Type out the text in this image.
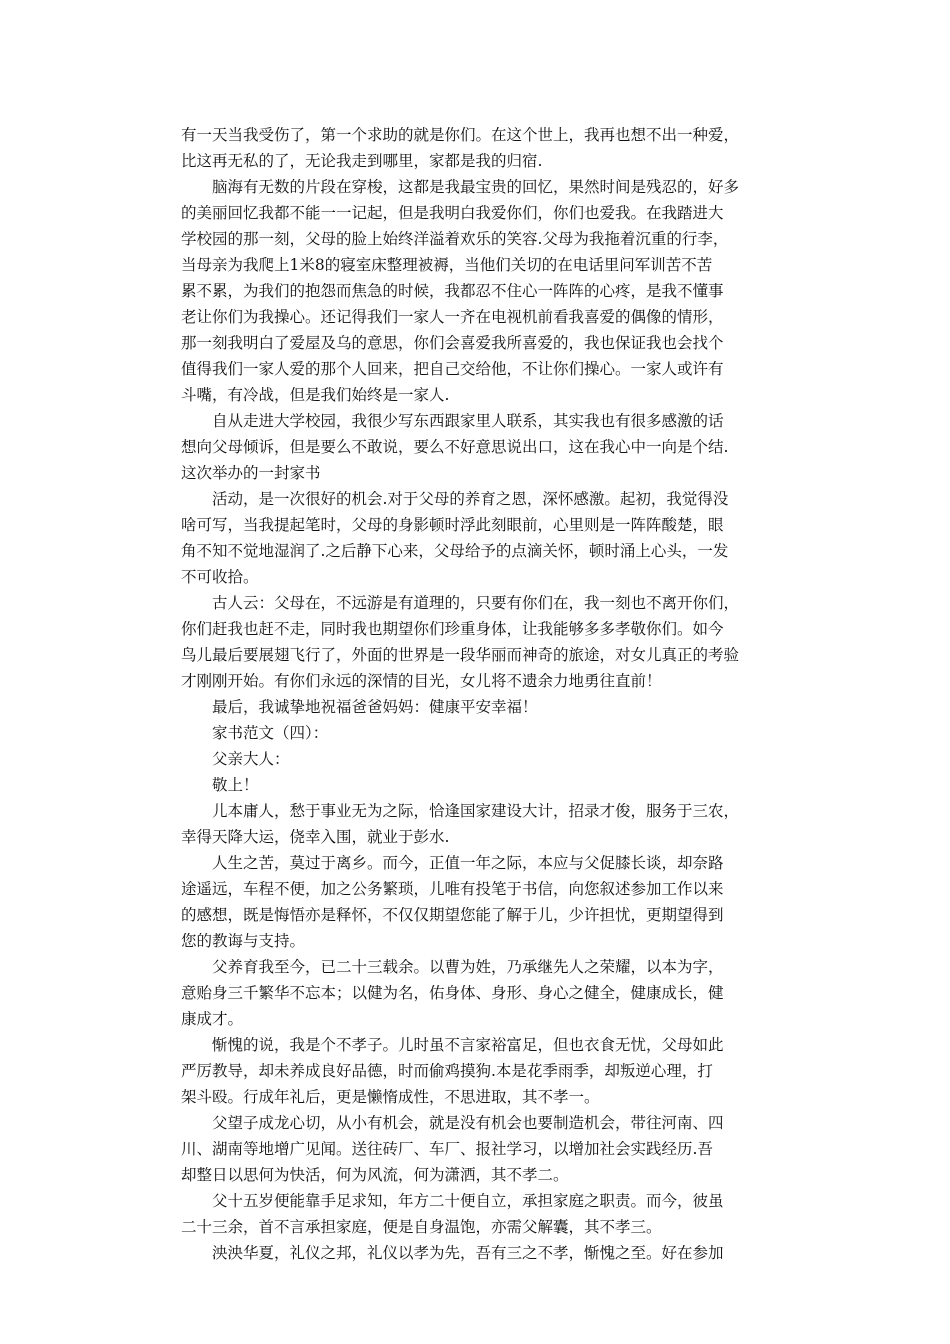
有一天当我受伤了，第一个求助的就是你们。在这个世上，我再也想不出一种爱，
比这再无私的了，无论我走到哪里，家都是我的归宿.

脑海有无数的片段在穿梭，这都是我最宝贵的回忆，果然时间是残忍的，好多
的美丽回忆我都不能一一记起，但是我明白我爱你们，你们也爱我。在我踏进大
学校园的那一刻，父母的脸上始终洋溢着欢乐的笑容.父母为我拖着沉重的行李，
当母亲为我爬上1米8的寝室床整理被褥，当他们关切的在电话里问军训苦不苦
累不累，为我们的抱怨而焦急的时候，我都忍不住心一阵阵的心疼，是我不懂事
老让你们为我操心。还记得我们一家人一齐在电视机前看我喜爱的偶像的情形，
那一刻我明白了爱屋及乌的意思，你们会喜爱我所喜爱的，我也保证我也会找个
值得我们一家人爱的那个人回来，把自己交给他，不让你们操心。一家人或许有
斗嘴，有冷战，但是我们始终是一家人.

自从走进大学校园，我很少写东西跟家里人联系，其实我也有很多感激的话
想向父母倾诉，但是要么不敢说，要么不好意思说出口，这在我心中一向是个结.
这次举办的一封家书

活动，是一次很好的机会.对于父母的养育之恩，深怀感激。起初，我觉得没
啥可写，当我提起笔时，父母的身影顿时浮此刻眼前，心里则是一阵阵酸楚，眼
角不知不觉地湿润了.之后静下心来，父母给予的点滴关怀，顿时涌上心头，一发
不可收拾。

古人云：父母在，不远游是有道理的，只要有你们在，我一刻也不离开你们，
你们赶我也赶不走，同时我也期望你们珍重身体，让我能够多多孝敬你们。如今
鸟儿最后要展翅飞行了，外面的世界是一段华丽而神奇的旅途，对女儿真正的考验
才刚刚开始。有你们永远的深情的目光，女儿将不遗余力地勇往直前！

最后，我诚挚地祝福爸爸妈妈：健康平安幸福！

家书范文（四）：

父亲大人：

敬上！

儿本庸人，愁于事业无为之际，恰逢国家建设大计，招录才俊，服务于三农，
幸得天降大运，侥幸入围，就业于彭水.

人生之苦，莫过于离乡。而今，正值一年之际，本应与父促膝长谈，却奈路
途遥远，车程不便，加之公务繁琐，儿唯有投笔于书信，向您叙述参加工作以来
的感想，既是悔悟亦是释怀，不仅仅期望您能了解于儿，少许担忧，更期望得到
您的教诲与支持。

父养育我至今，已二十三载余。以曹为姓，乃承继先人之荣耀，以本为字，
意贻身三千繁华不忘本；以健为名，佑身体、身形、身心之健全，健康成长，健
康成才。

惭愧的说，我是个不孝子。儿时虽不言家裕富足，但也衣食无忧，父母如此
严厉教导，却未养成良好品德，时而偷鸡摸狗.本是花季雨季，却叛逆心理，打
架斗殴。行成年礼后，更是懒惰成性，不思进取，其不孝一。

父望子成龙心切，从小有机会，就是没有机会也要制造机会，带往河南、四
川、湖南等地增广见闻。送往砖厂、车厂、报社学习，以增加社会实践经历.吾
却整日以思何为快活，何为风流，何为潇洒，其不孝二。

父十五岁便能靠手足求知，年方二十便自立，承担家庭之职责。而今，彼虽
二十三余，首不言承担家庭，便是自身温饱，亦需父解囊，其不孝三。

泱泱华夏，礼仪之邦，礼仪以孝为先，吾有三之不孝，惭愧之至。好在参加
